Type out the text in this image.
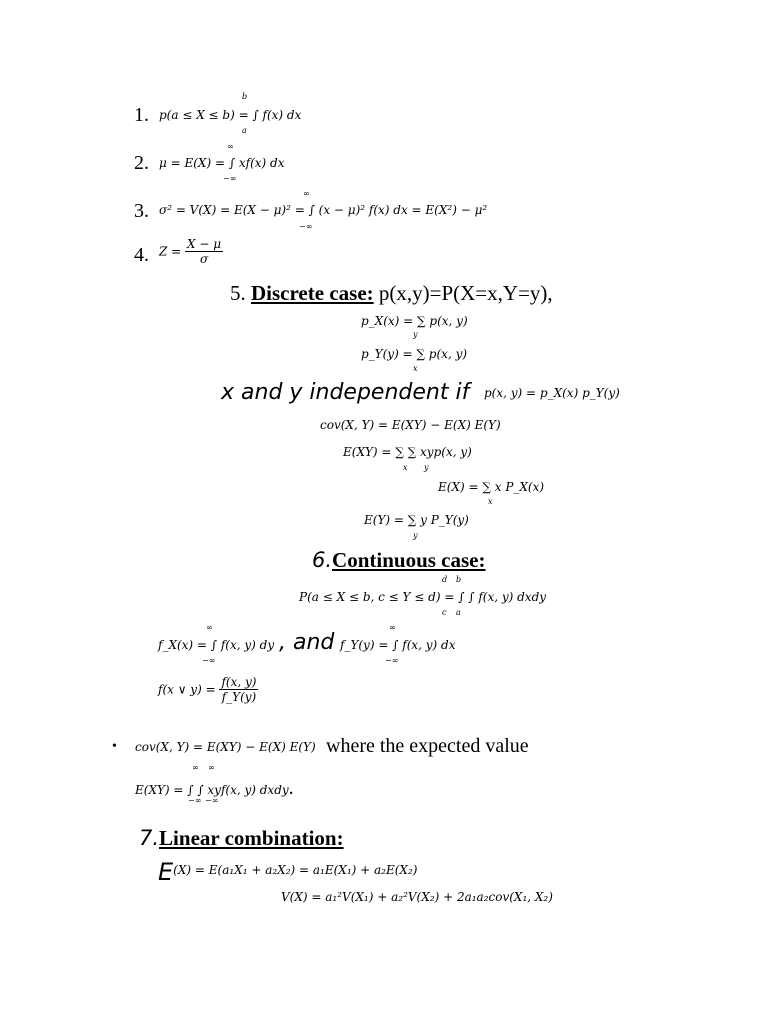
1. p(a ≤ X ≤ b) = ∫ f(x) dx
b
a
2. μ = E(X) = ∫ xf(x) dx
∞
−∞
3. σ² = V(X) = E(X − μ)² = ∫ (x − μ)² f(x) dx = E(X²) − μ²
∞
−∞
4. $Z = \frac{X - \mu}{\sigma}$
5. Discrete case: p(x,y)=P(X=x,Y=y),
p_X(x) = ∑ p(x, y)
y
p_Y(y) = ∑ p(x, y)
x
x and y independent if p(x, y) = p_X(x) p_Y(y)
cov(X, Y) = E(XY) − E(X) E(Y)
E(XY) = ∑ ∑ xyp(x, y)
x y
E(X) = ∑ x P_X(x)
x
E(Y) = ∑ y P_Y(y)
y
6.Continuous case:
P(a ≤ X ≤ b, c ≤ Y ≤ d) = ∫ ∫ f(x, y) dxdy
d b
c a
f_X(x) = ∫ f(x, y) dy
∞
−∞
, and f_Y(y) = ∫ f(x, y) dx
∞
−∞
f(x ∨ $y) = \frac{f(x, y)}{f\_Y(y)}$
• cov(X, Y) = E(XY) − E(X) E(Y) where the expected value
E(XY) = ∫ ∫ xyf(x, y) dxdy.
∞ ∞
−∞ −∞
7.Linear combination:
E(X) = E(a₁X₁ + a₂X₂) = a₁E(X₁) + a₂E(X₂)
V(X) = a₁²V(X₁) + a₂²V(X₂) + 2a₁a₂cov(X₁, X₂)
